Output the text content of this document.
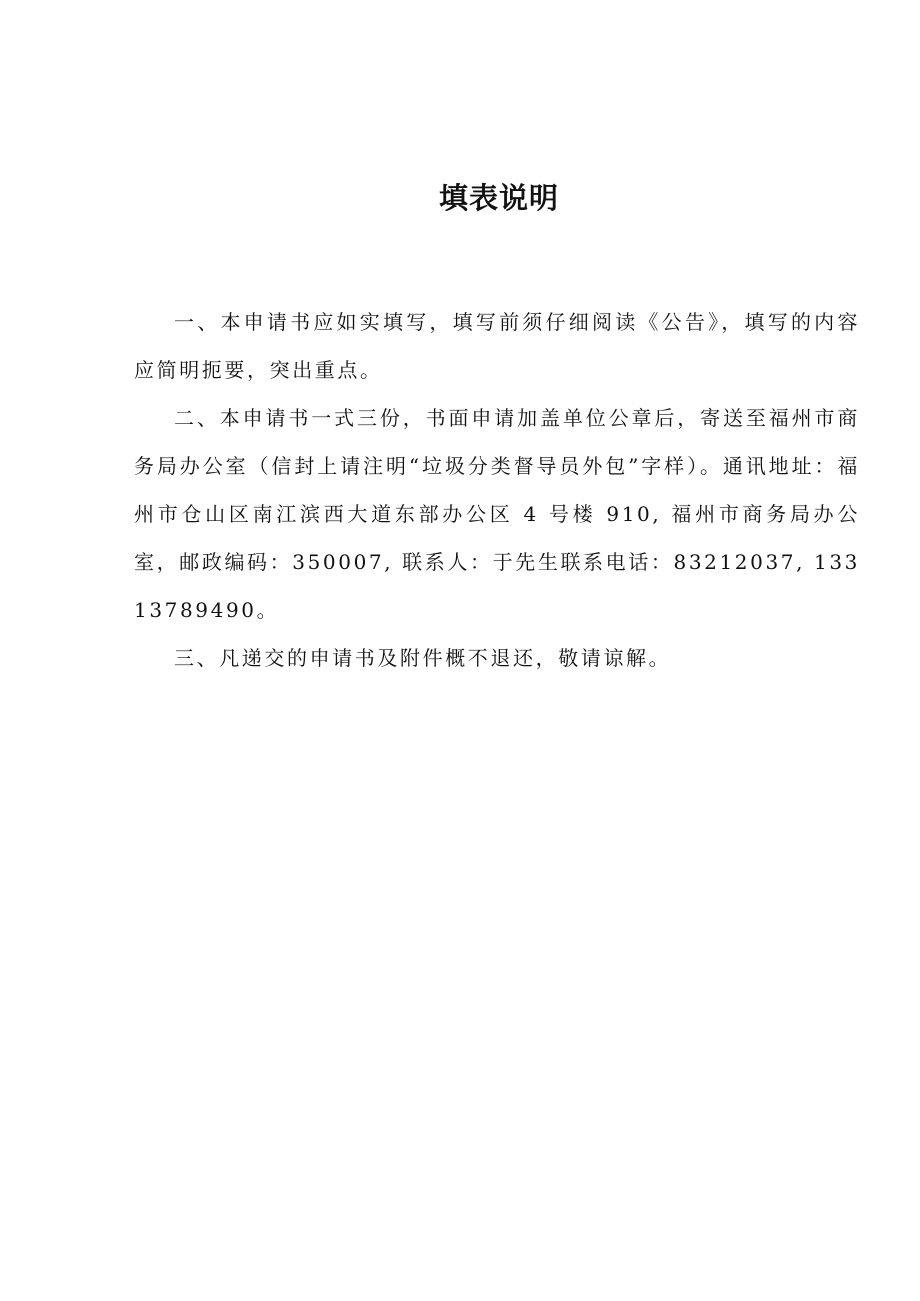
填表说明

一、本申请书应如实填写，填写前须仔细阅读《公告》，填写的内容应简明扼要，突出重点。

二、本申请书一式三份，书面申请加盖单位公章后，寄送至福州市商务局办公室（信封上请注明“垃圾分类督导员外包”字样）。通讯地址：福州市仓山区南江滨西大道东部办公区 4 号楼 910, 福州市商务局办公室，邮政编码：350007, 联系人：于先生联系电话：83212037, 13313789490。

三、凡递交的申请书及附件概不退还，敬请谅解。
